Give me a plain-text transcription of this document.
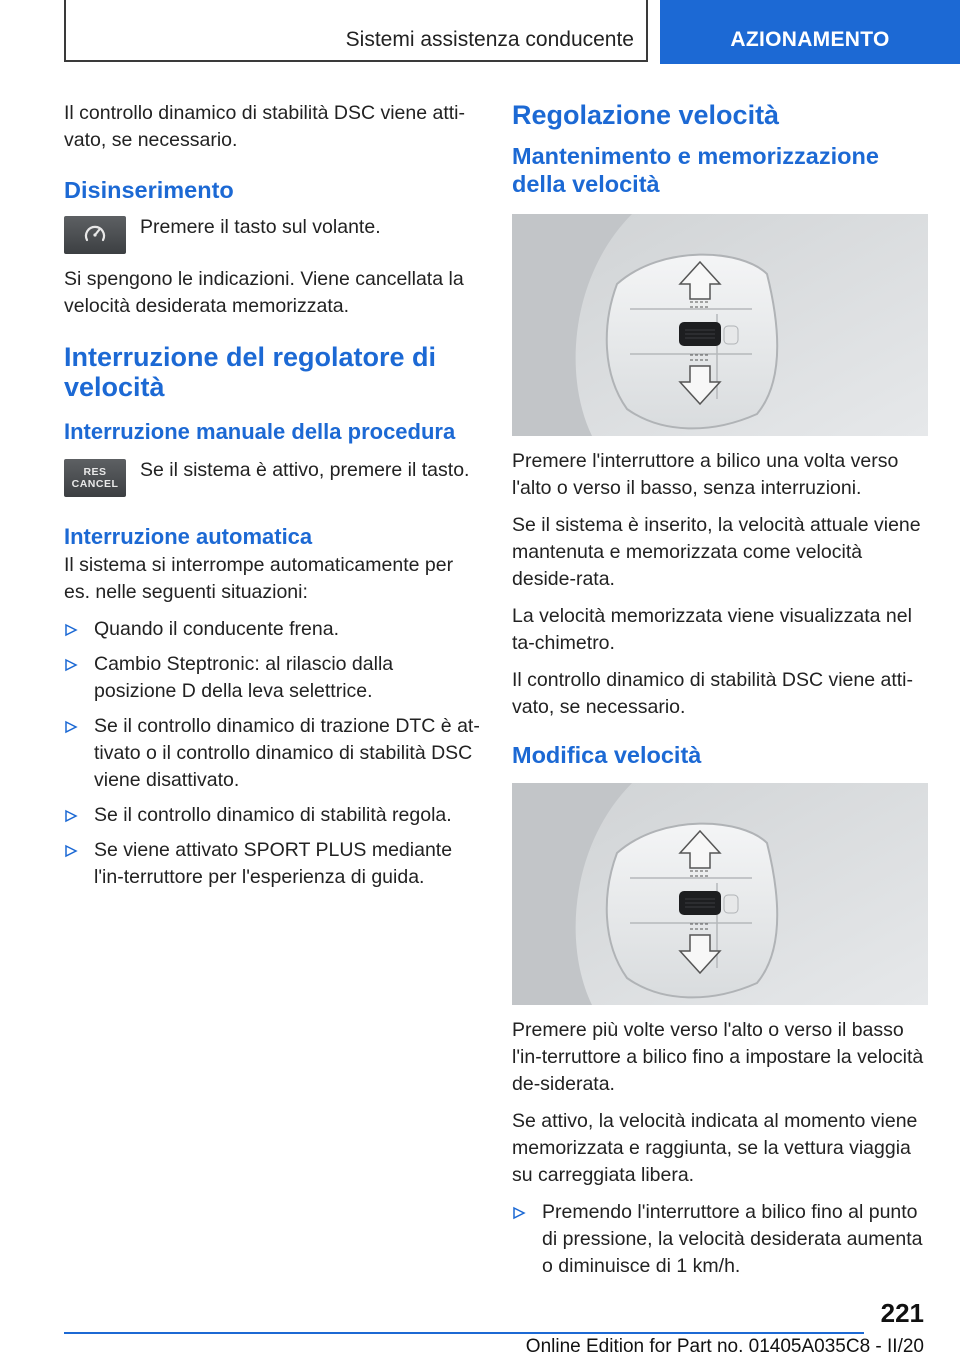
Sistemi assistenza conducente	AZIONAMENTO

Il controllo dinamico di stabilità DSC viene atti-vato, se necessario.

Disinserimento

Premere il tasto sul volante.

Si spengono le indicazioni. Viene cancellata la velocità desiderata memorizzata.

Interruzione del regolatore di velocità
Interruzione manuale della procedura
RES
CANCEL

Se il sistema è attivo, premere il tasto.

Interruzione automatica

Il sistema si interrompe automaticamente per es. nelle seguenti situazioni:

Quando il conducente frena.
Cambio Steptronic: al rilascio dalla posizione D della leva selettrice.
Se il controllo dinamico di trazione DTC è at-tivato o il controllo dinamico di stabilità DSC viene disattivato.
Se il controllo dinamico di stabilità regola.
Se viene attivato SPORT PLUS mediante l'in-terruttore per l'esperienza di guida.
Regolazione velocità
Mantenimento e memorizzazione della velocità

Premere l'interruttore a bilico una volta verso l'alto o verso il basso, senza interruzioni.

Se il sistema è inserito, la velocità attuale viene mantenuta e memorizzata come velocità deside-rata.

La velocità memorizzata viene visualizzata nel ta-chimetro.

Il controllo dinamico di stabilità DSC viene atti-vato, se necessario.

Modifica velocità

Premere più volte verso l'alto o verso il basso l'in-terruttore a bilico fino a impostare la velocità de-siderata.

Se attivo, la velocità indicata al momento viene memorizzata e raggiunta, se la vettura viaggia su carreggiata libera.

Premendo l'interruttore a bilico fino al punto di pressione, la velocità desiderata aumenta o diminuisce di 1 km/h.
221
Online Edition for Part no. 01405A035C8 - II/20
